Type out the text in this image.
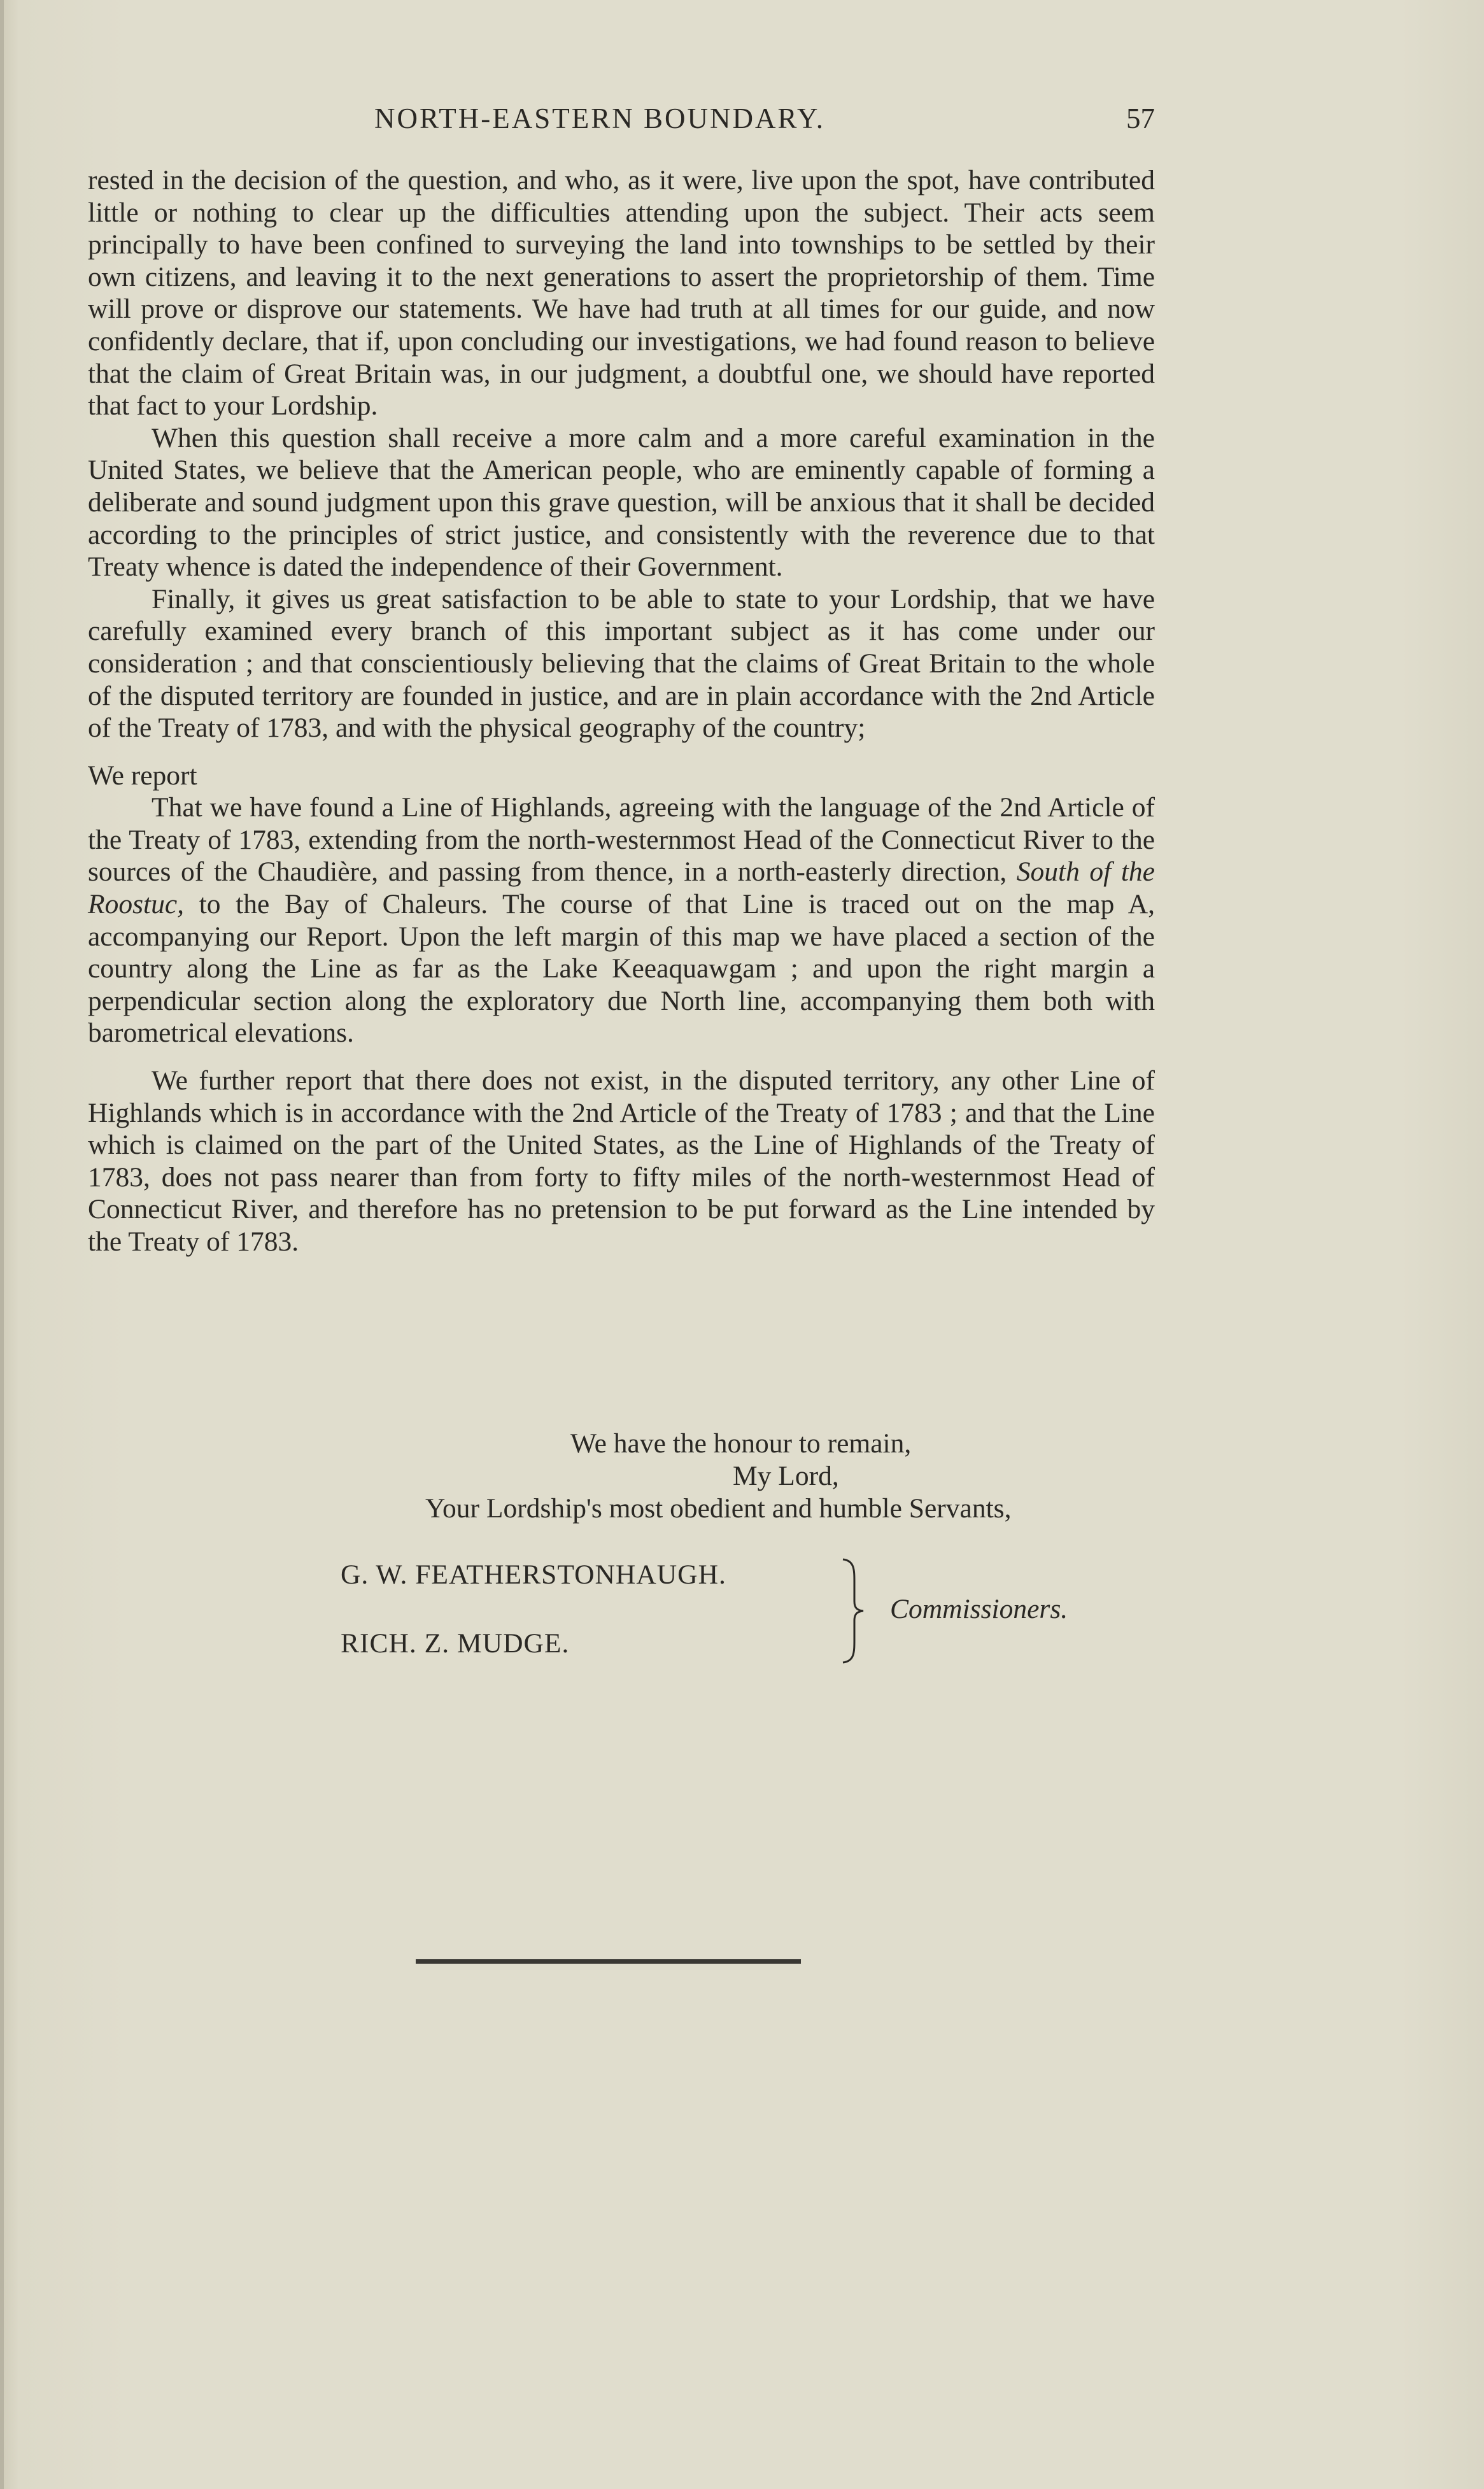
NORTH-EASTERN BOUNDARY.	57

rested in the decision of the question, and who, as it were, live upon the spot, have contributed little or nothing to clear up the difficulties attending upon the subject. Their acts seem principally to have been confined to surveying the land into townships to be settled by their own citizens, and leaving it to the next generations to assert the proprietorship of them. Time will prove or disprove our statements. We have had truth at all times for our guide, and now confidently declare, that if, upon concluding our investigations, we had found reason to believe that the claim of Great Britain was, in our judgment, a doubtful one, we should have reported that fact to your Lordship.

When this question shall receive a more calm and a more careful examination in the United States, we believe that the American people, who are eminently capable of forming a deliberate and sound judgment upon this grave question, will be anxious that it shall be decided according to the principles of strict justice, and consistently with the reverence due to that Treaty whence is dated the independence of their Government.

Finally, it gives us great satisfaction to be able to state to your Lordship, that we have carefully examined every branch of this important subject as it has come under our consideration ; and that conscientiously believing that the claims of Great Britain to the whole of the disputed territory are founded in justice, and are in plain accordance with the 2nd Article of the Treaty of 1783, and with the physical geography of the country;

We report

That we have found a Line of Highlands, agreeing with the language of the 2nd Article of the Treaty of 1783, extending from the north-westernmost Head of the Connecticut River to the sources of the Chaudière, and passing from thence, in a north-easterly direction, South of the Roostuc, to the Bay of Chaleurs. The course of that Line is traced out on the map A, accompanying our Report. Upon the left margin of this map we have placed a section of the country along the Line as far as the Lake Keeaquawgam ; and upon the right margin a perpendicular section along the exploratory due North line, accompanying them both with barometrical elevations.

We further report that there does not exist, in the disputed territory, any other Line of Highlands which is in accordance with the 2nd Article of the Treaty of 1783 ; and that the Line which is claimed on the part of the United States, as the Line of Highlands of the Treaty of 1783, does not pass nearer than from forty to fifty miles of the north-westernmost Head of Connecticut River, and therefore has no pretension to be put forward as the Line intended by the Treaty of 1783.

We have the honour to remain,
My Lord,
Your Lordship's most obedient and humble Servants,
G. W. FEATHERSTONHAUGH.
RICH. Z. MUDGE.
Commissioners.
